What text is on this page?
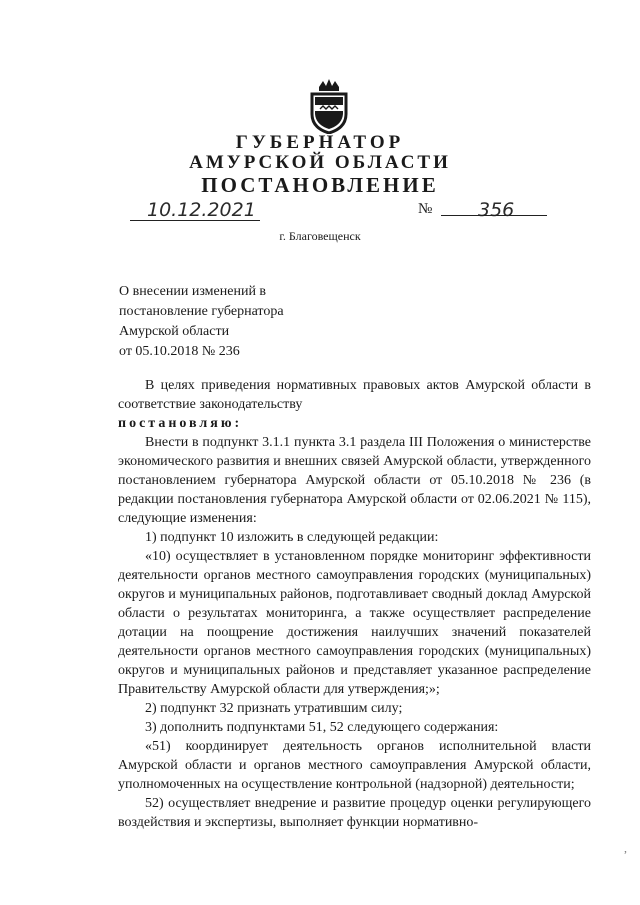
ГУБЕРНАТОР
АМУРСКОЙ ОБЛАСТИ
ПОСТАНОВЛЕНИЕ
10.12.2021	№ 356
г. Благовещенск
О внесении изменений в
постановление губернатора
Амурской области
от 05.10.2018 № 236

В целях приведения нормативных правовых актов Амурской области в соответствие законодательству

постановляю:

Внести в подпункт 3.1.1 пункта 3.1 раздела III Положения о министерстве экономического развития и внешних связей Амурской области, утвержденного постановлением губернатора Амурской области от 05.10.2018 № 236 (в редакции постановления губернатора Амурской области от 02.06.2021 № 115), следующие изменения:

1) подпункт 10 изложить в следующей редакции:

«10) осуществляет в установленном порядке мониторинг эффективности деятельности органов местного самоуправления городских (муниципальных) округов и муниципальных районов, подготавливает сводный доклад Амурской области о результатах мониторинга, а также осуществляет распределение дотации на поощрение достижения наилучших значений показателей деятельности органов местного самоуправления городских (муниципальных) округов и муниципальных районов и представляет указанное распределение Правительству Амурской области для утверждения;»;

2) подпункт 32 признать утратившим силу;

3) дополнить подпунктами 51, 52 следующего содержания:

«51) координирует деятельность органов исполнительной власти Амурской области и органов местного самоуправления Амурской области, уполномоченных на осуществление контрольной (надзорной) деятельности;

52) осуществляет внедрение и развитие процедур оценки регулирующего воздействия и экспертизы, выполняет функции нормативно-

,
